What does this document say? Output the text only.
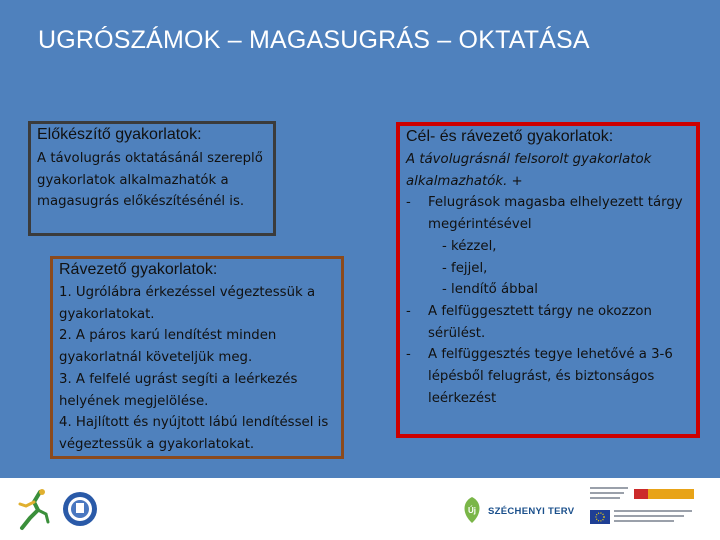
UGRÓSZÁMOK – MAGASUGRÁS – OKTATÁSA
Előkészítő gyakorlatok:
A távolugrás oktatásánál szereplő gyakorlatok alkalmazhatók a magasugrás előkészítésénél is.
Rávezető gyakorlatok:
1. Ugrólábra érkezéssel végeztessük a gyakorlatokat.
2. A páros karú lendítést minden gyakorlatnál követeljük meg.
3. A felfelé ugrást segíti a leérkezés helyének megjelölése.
4. Hajlított és nyújtott lábú lendítéssel is végeztessük a gyakorlatokat.
Cél- és rávezető gyakorlatok:
A távolugrásnál felsorolt gyakorlatok alkalmazhatók. +
- Felugrások magasba elhelyezett tárgy megérintésével
- kézzel,
- fejjel,
- lendítő ábbal
- A felfüggesztett tárgy ne okozzon sérülést.
- A felfüggesztés tegye lehetővé a 3-6 lépésből felugrást, és biztonságos leérkezést
Új SZÉCHENYI TERV
